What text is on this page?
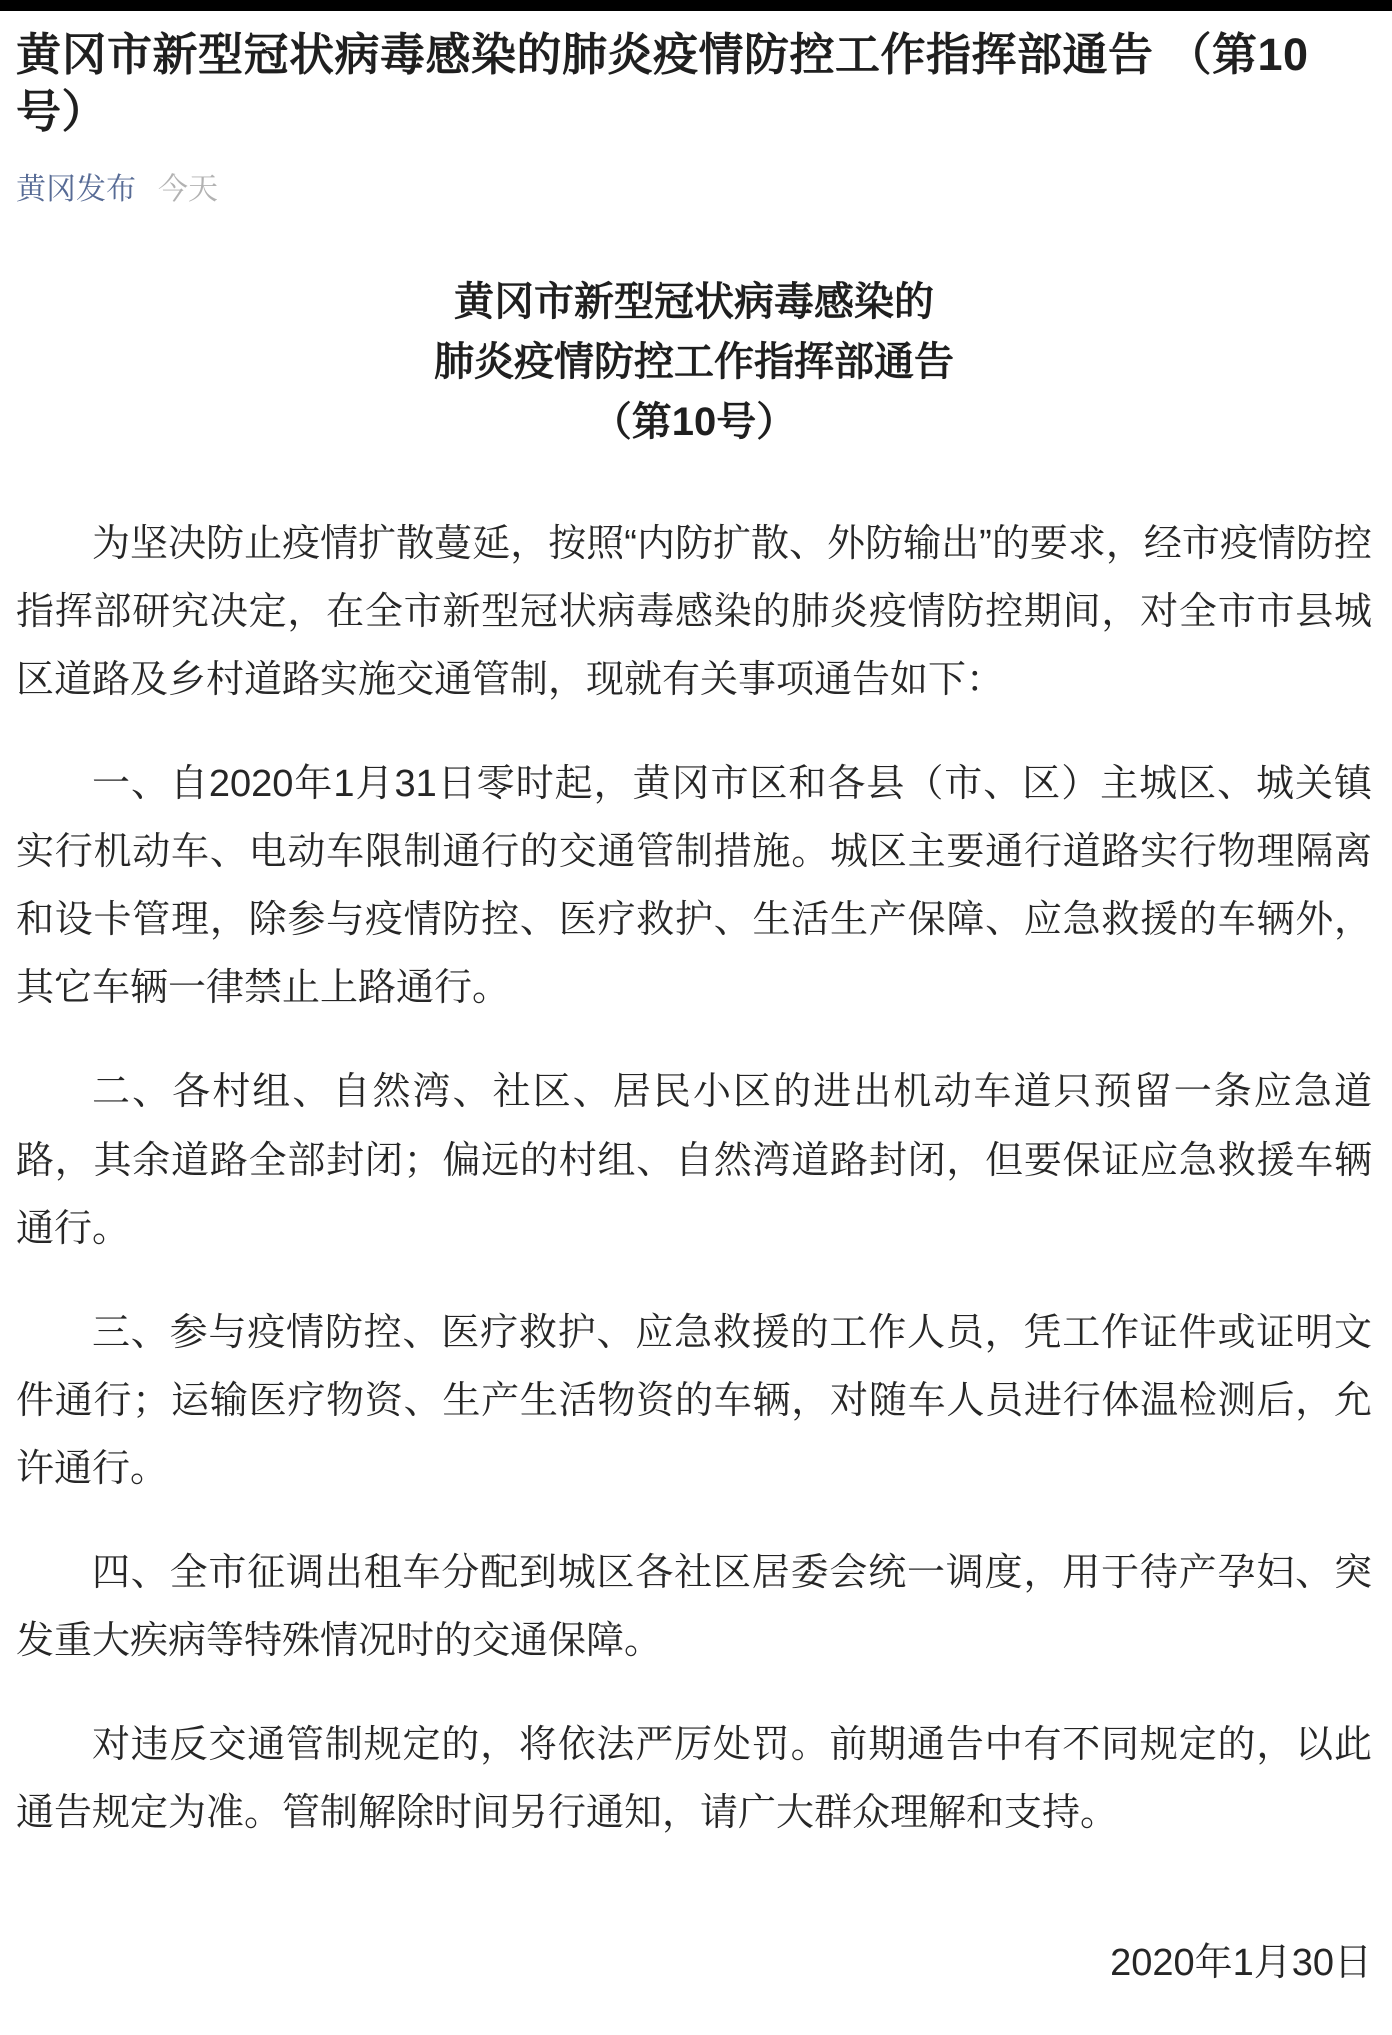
黄冈市新型冠状病毒感染的肺炎疫情防控工作指挥部通告 （第10号）
黄冈发布 今天
黄冈市新型冠状病毒感染的
肺炎疫情防控工作指挥部通告
（第10号）

为坚决防止疫情扩散蔓延，按照“内防扩散、外防输出”的要求，经市疫情防控指挥部研究决定，在全市新型冠状病毒感染的肺炎疫情防控期间，对全市市县城区道路及乡村道路实施交通管制，现就有关事项通告如下：

一、自2020年1月31日零时起，黄冈市区和各县（市、区）主城区、城关镇实行机动车、电动车限制通行的交通管制措施。城区主要通行道路实行物理隔离和设卡管理，除参与疫情防控、医疗救护、生活生产保障、应急救援的车辆外，其它车辆一律禁止上路通行。

二、各村组、自然湾、社区、居民小区的进出机动车道只预留一条应急道路，其余道路全部封闭；偏远的村组、自然湾道路封闭，但要保证应急救援车辆通行。

三、参与疫情防控、医疗救护、应急救援的工作人员，凭工作证件或证明文件通行；运输医疗物资、生产生活物资的车辆，对随车人员进行体温检测后，允许通行。

四、全市征调出租车分配到城区各社区居委会统一调度，用于待产孕妇、突发重大疾病等特殊情况时的交通保障。

对违反交通管制规定的，将依法严厉处罚。前期通告中有不同规定的，以此通告规定为准。管制解除时间另行通知，请广大群众理解和支持。

2020年1月30日
